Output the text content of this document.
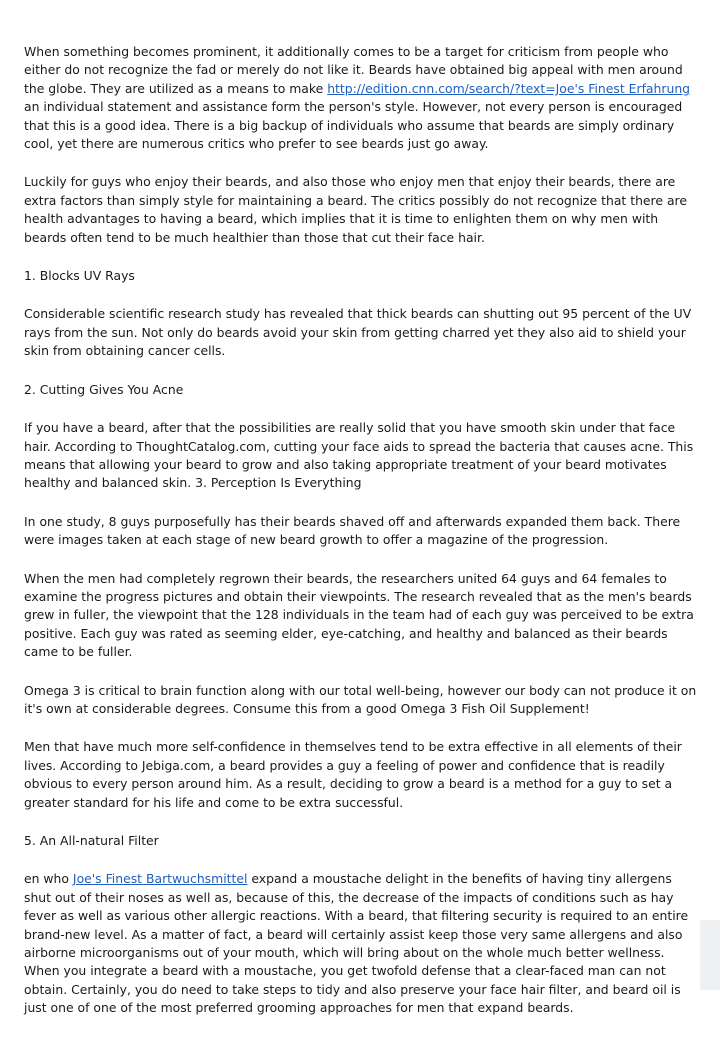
When something becomes prominent, it additionally comes to be a target for criticism from people who either do not recognize the fad or merely do not like it. Beards have obtained big appeal with men around the globe. They are utilized as a means to make http://edition.cnn.com/search/?text=Joe's Finest Erfahrung an individual statement and assistance form the person's style. However, not every person is encouraged that this is a good idea. There is a big backup of individuals who assume that beards are simply ordinary cool, yet there are numerous critics who prefer to see beards just go away.

Luckily for guys who enjoy their beards, and also those who enjoy men that enjoy their beards, there are extra factors than simply style for maintaining a beard. The critics possibly do not recognize that there are health advantages to having a beard, which implies that it is time to enlighten them on why men with beards often tend to be much healthier than those that cut their face hair.

1. Blocks UV Rays

Considerable scientific research study has revealed that thick beards can shutting out 95 percent of the UV rays from the sun. Not only do beards avoid your skin from getting charred yet they also aid to shield your skin from obtaining cancer cells.

2. Cutting Gives You Acne

If you have a beard, after that the possibilities are really solid that you have smooth skin under that face hair. According to ThoughtCatalog.com, cutting your face aids to spread the bacteria that causes acne. This means that allowing your beard to grow and also taking appropriate treatment of your beard motivates healthy and balanced skin. 3. Perception Is Everything

In one study, 8 guys purposefully has their beards shaved off and afterwards expanded them back. There were images taken at each stage of new beard growth to offer a magazine of the progression.

When the men had completely regrown their beards, the researchers united 64 guys and 64 females to examine the progress pictures and obtain their viewpoints. The research revealed that as the men's beards grew in fuller, the viewpoint that the 128 individuals in the team had of each guy was perceived to be extra positive. Each guy was rated as seeming elder, eye-catching, and healthy and balanced as their beards came to be fuller.

Omega 3 is critical to brain function along with our total well-being, however our body can not produce it on it's own at considerable degrees. Consume this from a good Omega 3 Fish Oil Supplement!

Men that have much more self-confidence in themselves tend to be extra effective in all elements of their lives. According to Jebiga.com, a beard provides a guy a feeling of power and confidence that is readily obvious to every person around him. As a result, deciding to grow a beard is a method for a guy to set a greater standard for his life and come to be extra successful.

5. An All-natural Filter

en who Joe's Finest Bartwuchsmittel expand a moustache delight in the benefits of having tiny allergens shut out of their noses as well as, because of this, the decrease of the impacts of conditions such as hay fever as well as various other allergic reactions. With a beard, that filtering security is required to an entire brand-new level. As a matter of fact, a beard will certainly assist keep those very same allergens and also airborne microorganisms out of your mouth, which will bring about on the whole much better wellness. When you integrate a beard with a moustache, you get twofold defense that a clear-faced man can not obtain. Certainly, you do need to take steps to tidy and also preserve your face hair filter, and beard oil is just one of one of the most preferred grooming approaches for men that expand beards.
